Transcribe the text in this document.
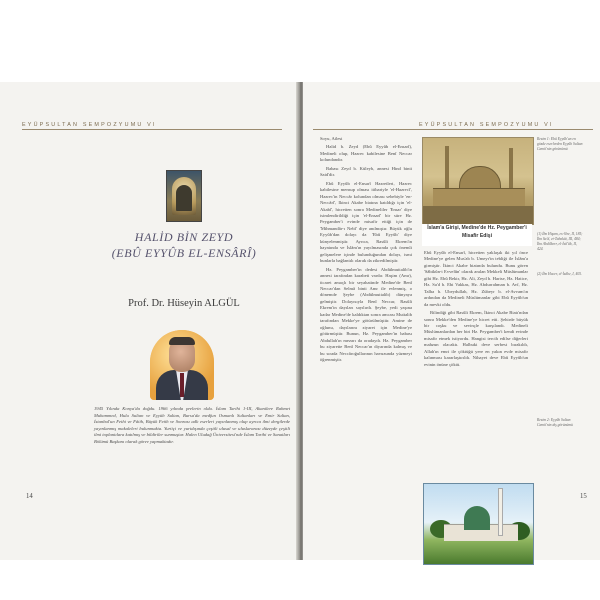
EYÜPSULTAN SEMPOZYUMU VI
HALİD BİN ZEYD
(EBÛ EYYÛB EL-ENSÂRÎ)
Prof. Dr. Hüseyin ALGÜL
1945 Yılında Konya'da doğdu. 1966 yılında prelerin oldu. İslam Tarihi 1-III, Akanilere Rahmet Muhammed, Hulu Sultan ve Eyyüb Sultan, Bursa'da medfun Osmanlı Sultanları ve Emir Sultan, İstanbul'un Fethi ve Fâtih, Büyük Fetih ve Sonrası adlı eserleri yayınlanmış olup ayrıca ilmi dergilerde yayınlanmış makaleleri bulunmakta. Yurtiçi ve yurtdışında çeşitli ulusal ve uluslararası düzeyde çeşitli ilmi toplantılara katılmış ve bildiriler sunmuştur. Halen Uludağ Üniversitesi'nde İslam Tarihi ve Sanatları Bölümü Başkanı olarak görev yapmaktadır.
14
EYÜPSULTAN SEMPOZYUMU VI
15

Soyu, Ailesi

Halid b. Zeyd (Ebû Eyyûb el-Ensarî), Medineli olup, Hazrec kabilesine Benî Neccar kolundandır.

Babası Zeyd b. Küleyb, annesi Hind binti Said'dir.

Ebû Eyyûb el-Ensarî Hazretleri, Hazrec kabilesine mensup olması itibariyle 'el-Hazrecî', Hazrec'in Neccâr kolundan olması sebebiyle 'en-Neccârî', Ikinci Akabe biatına katıldığı için 'el-Akabî', hicretten sonra Medineliler 'Ensar' diye isimlendirildiği için 'el-Ensarî' bir süre Hz. Peygamber'i evinde misafir ettiği için de 'Mihmandâr-ı Nebî' diye anılmıştır. Büyük oğlu Eyyûb'dan dolayı da 'Ebû Eyyûb' diye künyelenmiştir. Ayrıca, Rasûli Ekrem'in hayatında ve İslâm'ın yayılmasında çok önemli gelişmelere içinde bulunduğundan dolayı, ismi bunlarla bağlantılı olarak da zikredilmiştir.

Hz. Peygamber'in dedesi Abdülmuttalib'in annesi tarafından karabeti vardır. Haşim (Amr), ticaret amaçlı bir seyahatinde Medine'de Benî Neccar'dan Selmâ binti Amr ile evlenmiş, o dönemde Şeybe (Abdülmuttalib) dünyaya gelmiştir. Dolayısıyla Benî Neccar, Rasûli Ekrem'in dayıları sayılırdı. Şeybe, yedi yaşına kadar Medine'de kaldıktan sonra amcası Muttalib tarafından Mekke'ye götürülmüştür. Amine de oğlunu, dayılarını ziyaret için Medine'ye götürmüştür. Bunun, Hz. Peygamber'in babası Abdullah'ın mezarı da oradaydı. Hz. Peygamber bu ziyarette Benî Neccar'ın diyarında kalmış ve bu sırada Neccâroğullarının havuzunda yüzmeyi öğrenmiştir.

İslam'a Girişi, Medine'de Hz. Peygamber'i Misafir Edişi

Ebû Eyyûb el-Ensarî, hicretten yaklaşık iki yıl önce Medine'ye gelen Mus'ab b. Umeyr'in tebliği ile İslâm'a girmiştir. İkinci Akabe biatında bulundu. Bunu gören 'Sâbikûn-i Evvelûn' olarak anılan Mekkeli Müslümanlar gibi Hz. Ebû Bekir, Hz. Ali, Zeyd b. Harise, Hz. Hatice, Hz. Sa'd b. Ebi Vakkas, Hz. Abdurrahman b. Avf, Hz. Talha b. Ubeydullah, Hz. Zübeyr b. el-Avvam'ın ardından da Medineli Müslümanlar gibi Ebû Eyyûb'un da mevki oldu.

Bilindiği gibi Rasûli Ekrem, İkinci Akabe Biatı'ndan sonra Mekke'den Medine'ye hicret etti. Şehirde büyük bir coşku ve sevinçle karşılandı. Medineli Müslümanlardan her biri Hz. Peygamber'i kendi evinde misafir etmek istiyordu. Hangisi tercih edilse diğerleri mahzun olacaktı. Halbuki deve serbest bırakıldı, Allah'ın emri ile çöktüğü yere en yakın evde misafir kalınması kararlaştırıldı. Nihayet deve Ebû Eyyûb'un evinin önüne çöktü.

Resim 1: Ebû Eyyûb'un en gözde eserlerden Eyyûb Sultan Camii'nin görünümü
(1) İbn Hişam, es-Sîre, II, 185; İbn Sa'd, et-Tabakât, III, 484; İbn Abdilberr, el-İstî'âb, II, 424.
(2) İbn Hacer, el-İsâbe, I, 405.
Resim 2: Eyyûb Sultan Camii'nin dış görünümü
